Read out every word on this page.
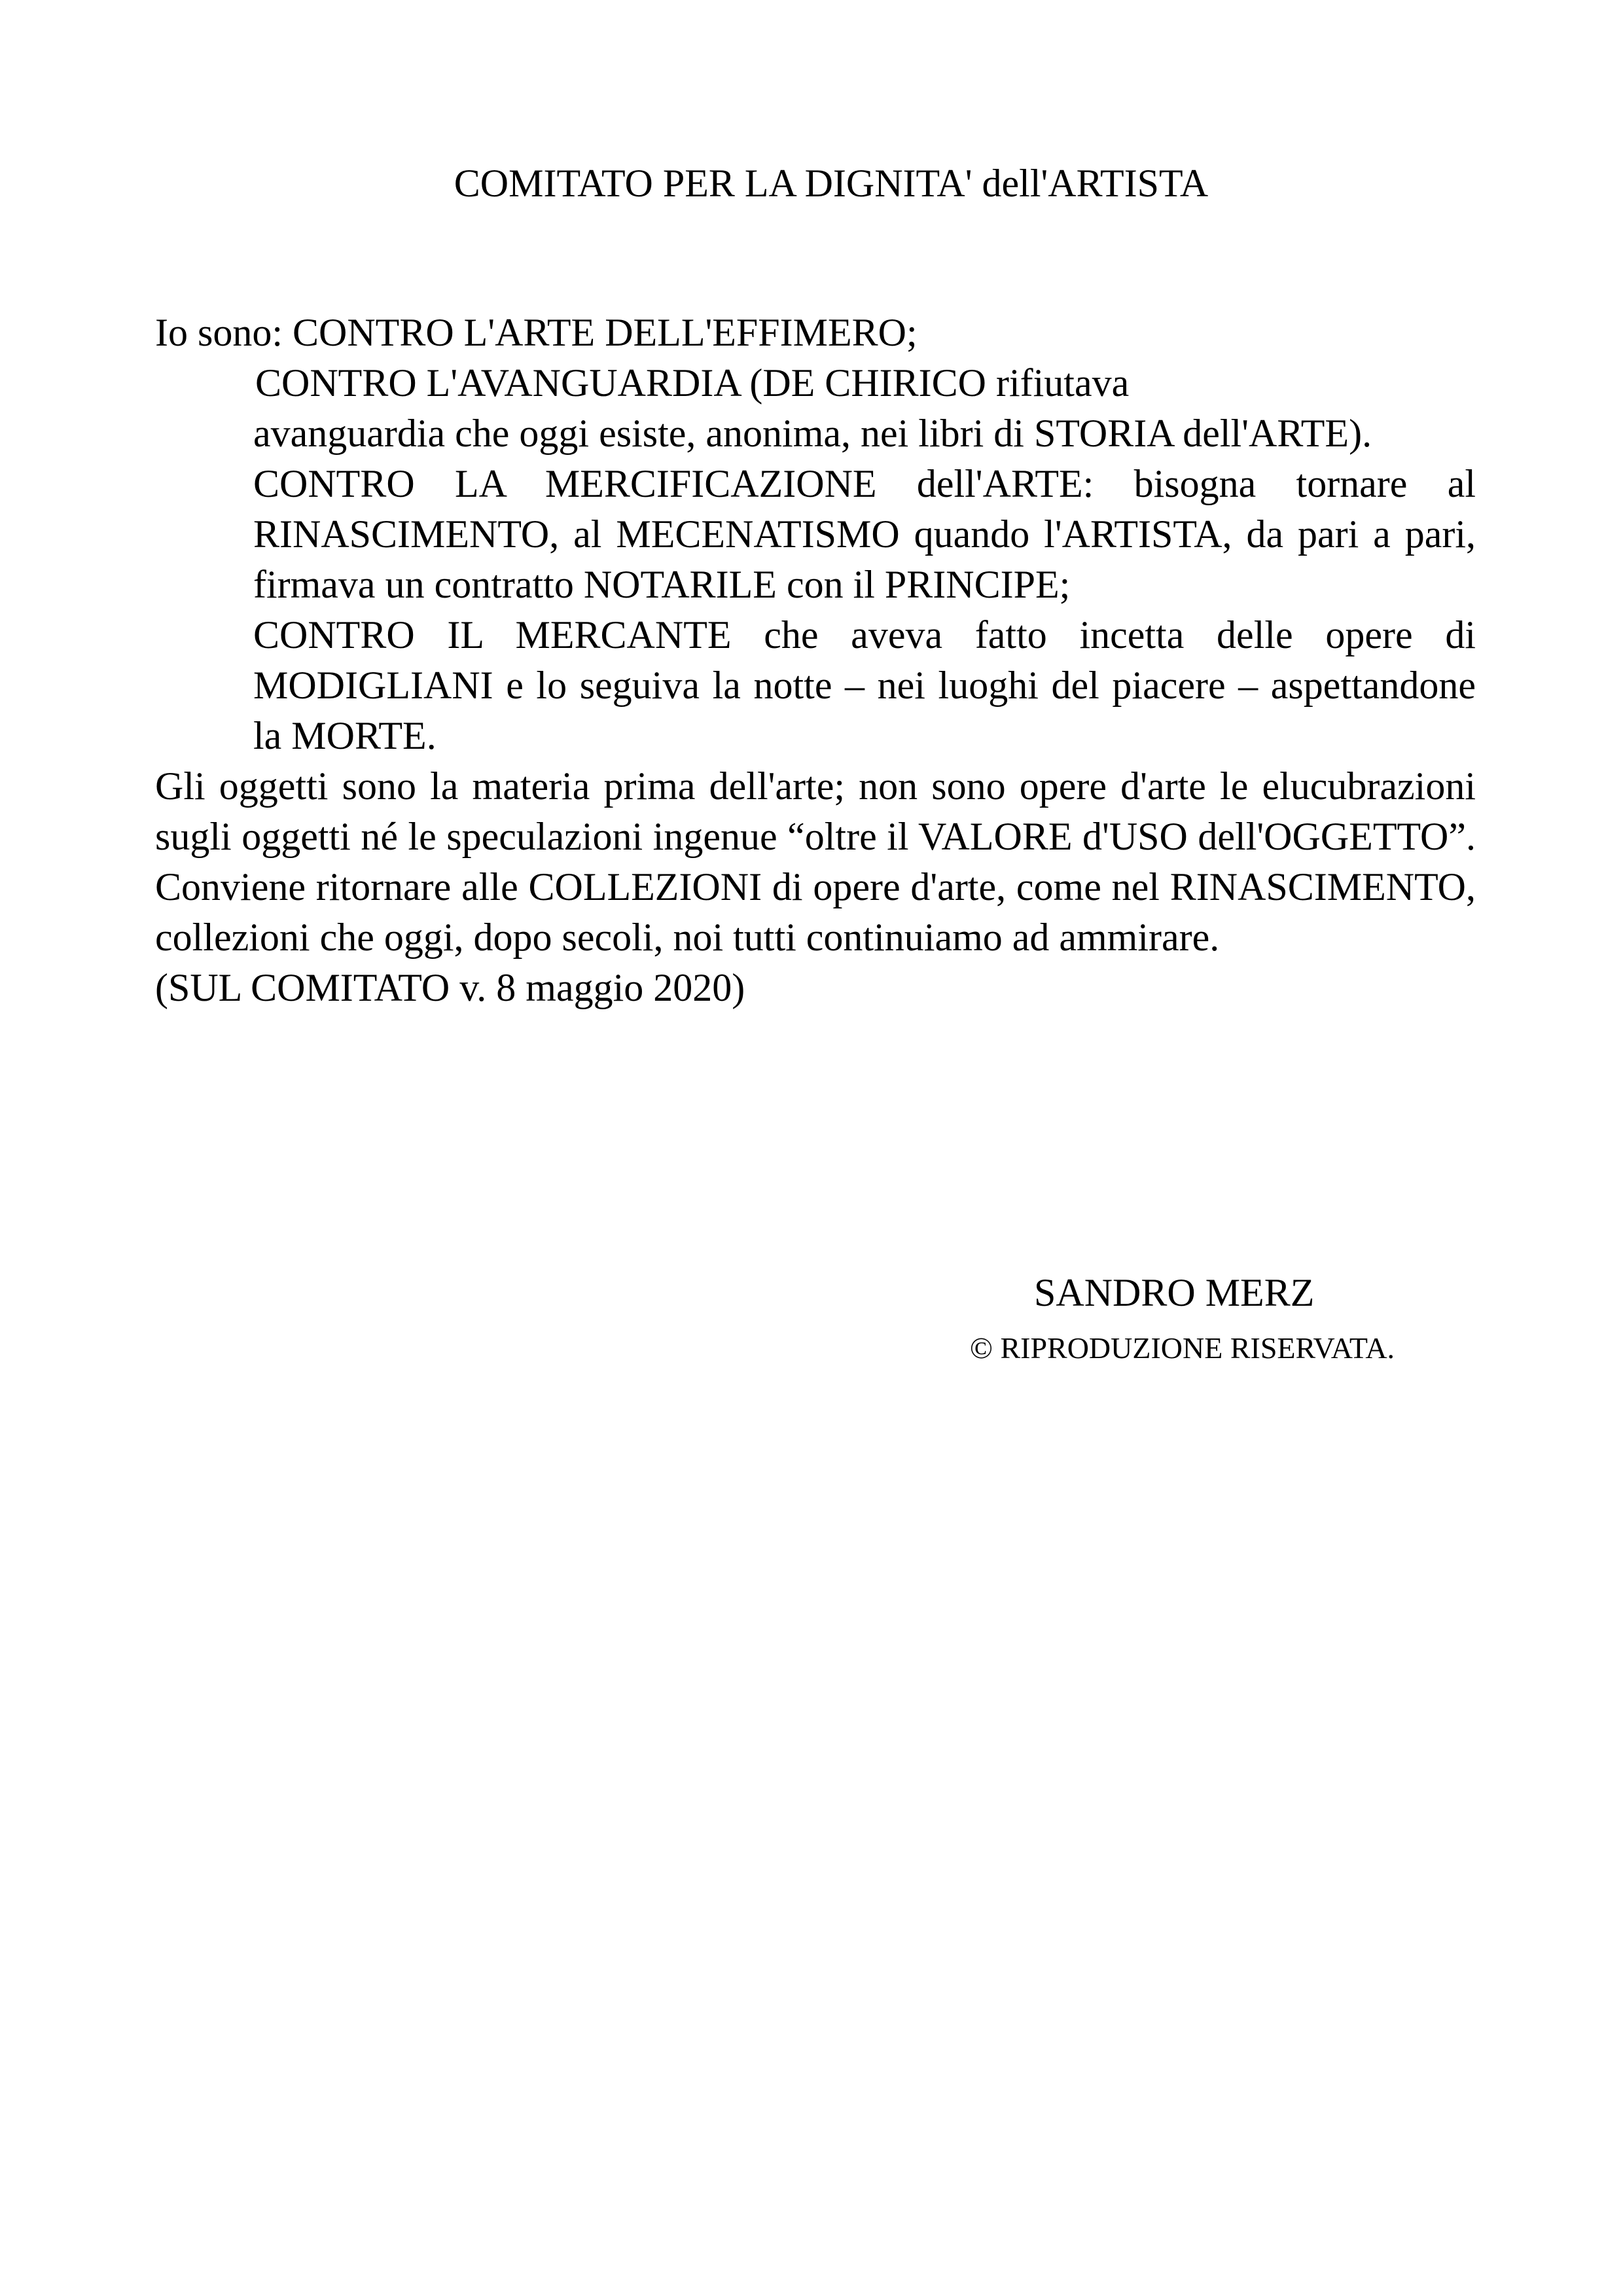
COMITATO PER LA DIGNITA' dell'ARTISTA
Io sono: CONTRO L'ARTE DELL'EFFIMERO;
CONTRO L'AVANGUARDIA (DE CHIRICO rifiutava
avanguardia che oggi esiste, anonima, nei libri di STORIA dell'ARTE).
CONTRO LA MERCIFICAZIONE dell'ARTE: bisogna tornare al RINASCIMENTO, al MECENATISMO quando l'ARTISTA, da pari a pari, firmava un contratto NOTARILE con il PRINCIPE;
CONTRO IL MERCANTE che aveva fatto incetta delle opere di MODIGLIANI e lo seguiva la notte – nei luoghi del piacere – aspettandone la MORTE.
Gli oggetti sono la materia prima dell'arte; non sono opere d'arte le elucubrazioni sugli oggetti né le speculazioni ingenue “oltre il VALORE d'USO dell'OGGETTO”. Conviene ritornare alle COLLEZIONI di opere d'arte, come nel RINASCIMENTO, collezioni che oggi, dopo secoli, noi tutti continuiamo ad ammirare.
(SUL COMITATO v. 8 maggio 2020)
SANDRO MERZ
© RIPRODUZIONE RISERVATA.
